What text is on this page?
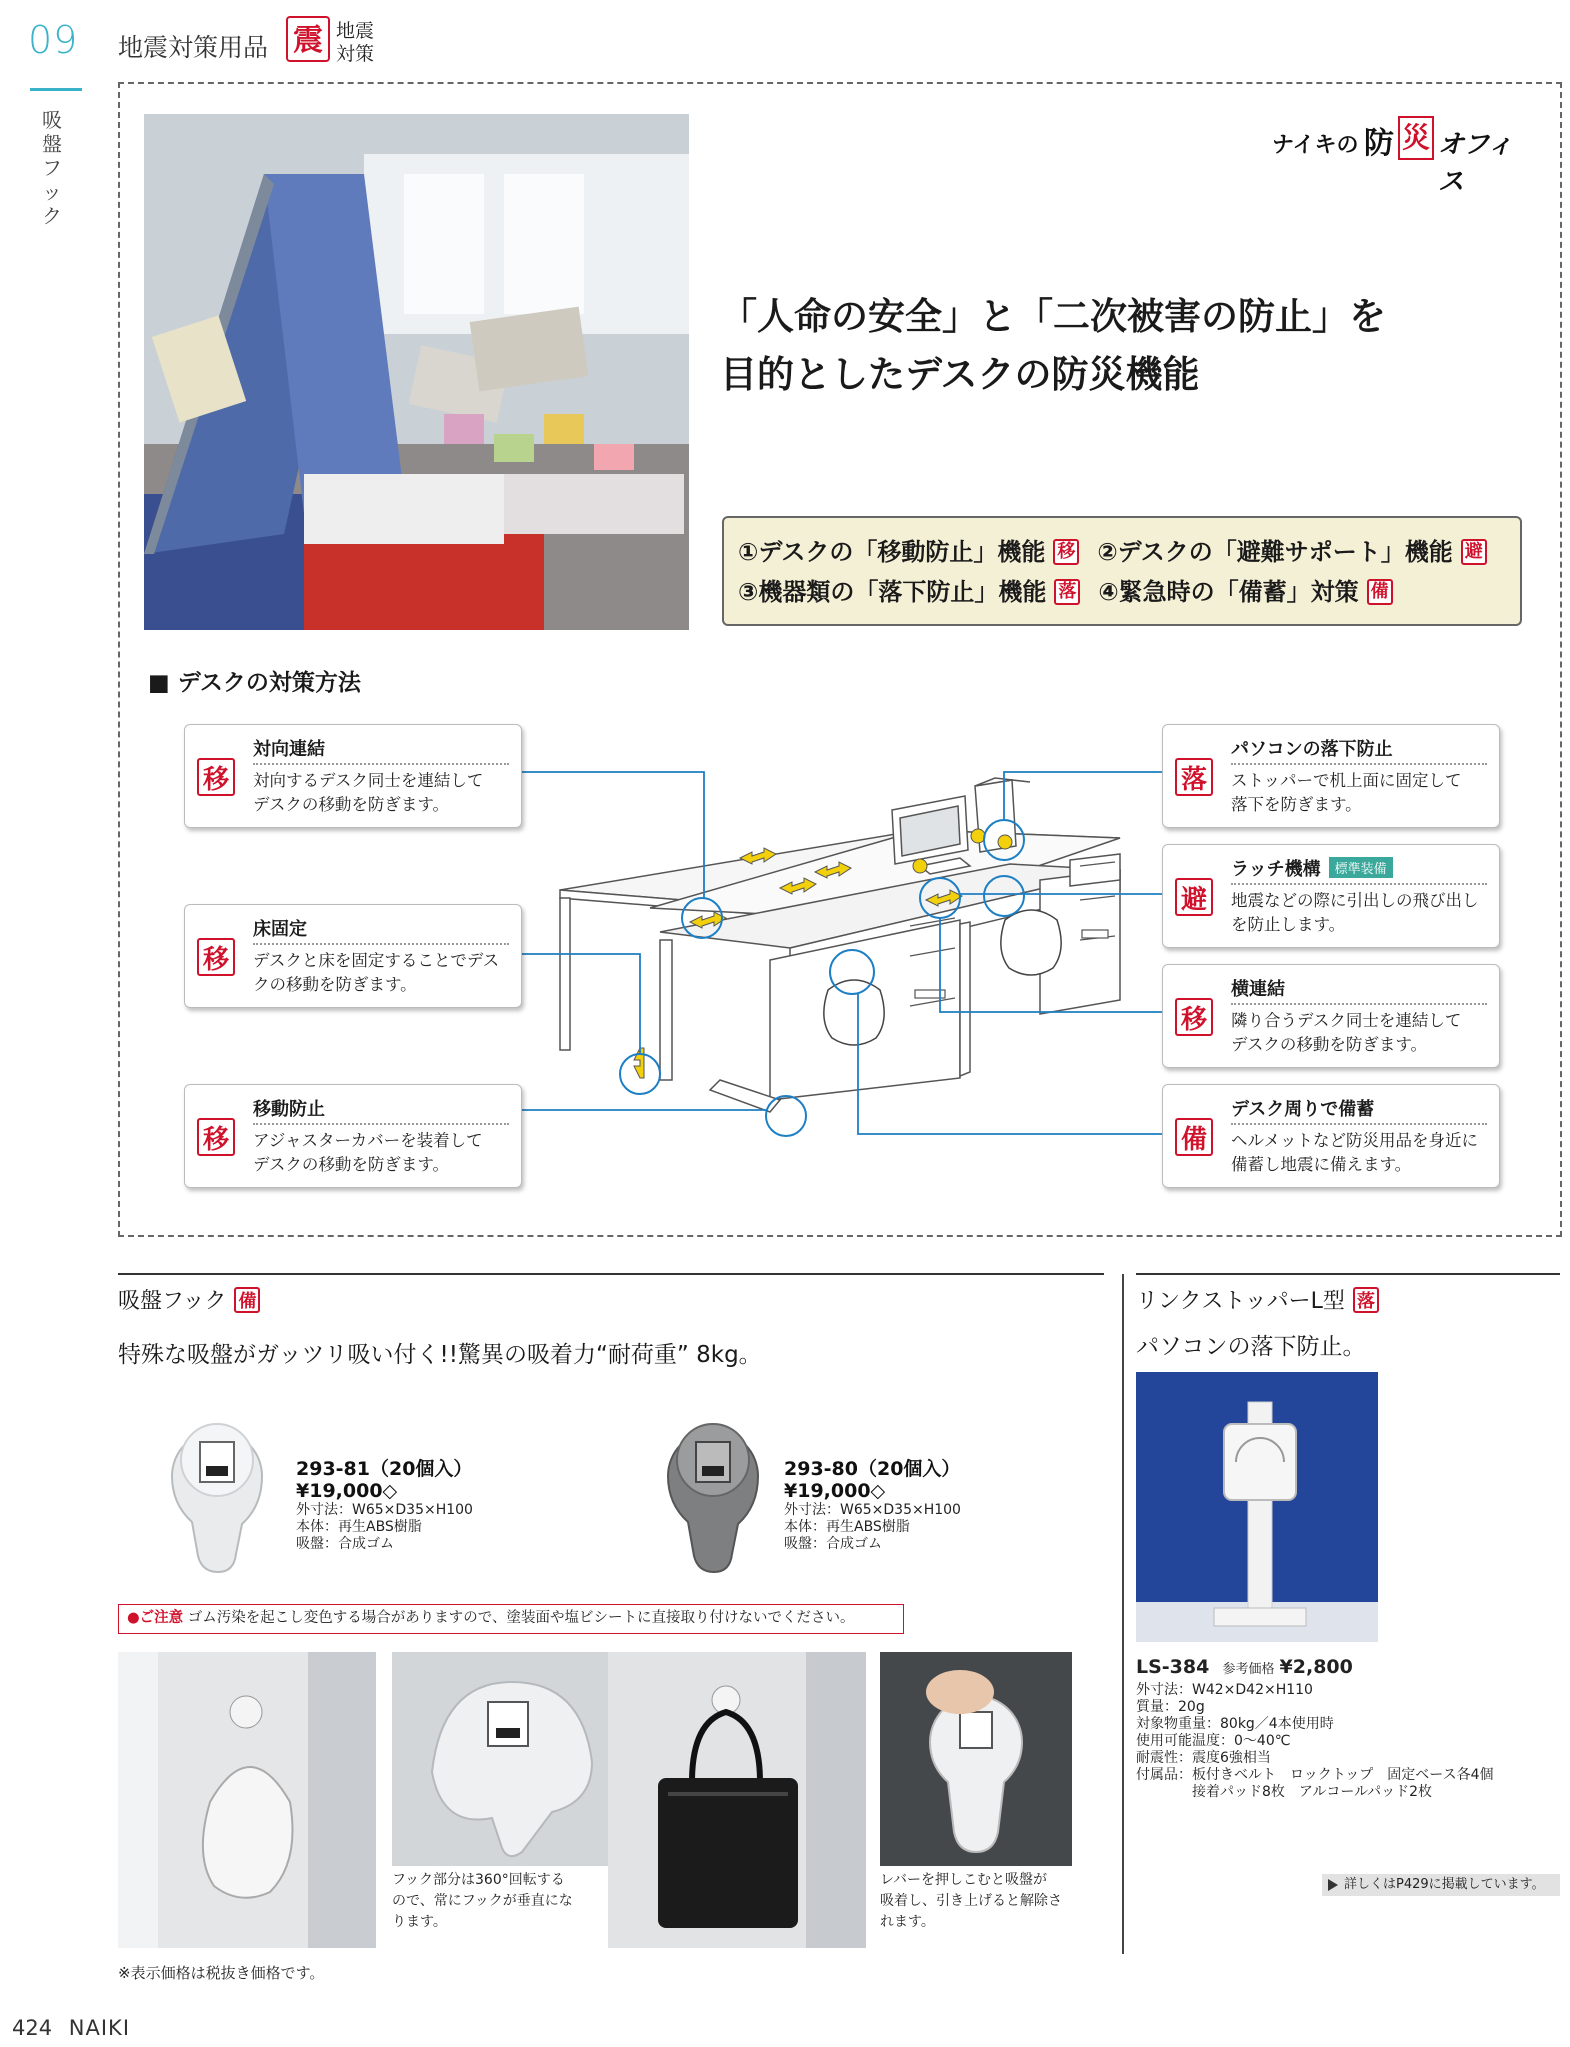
09
吸盤フック
地震対策用品 震 地震対策
ナイキの 防 災 オフィス
「人命の安全」と「二次被害の防止」を
目的としたデスクの防災機能
①デスクの「移動防止」機能 移 ②デスクの「避難サポート」機能 避
③機器類の「落下防止」機能 落 ④緊急時の「備蓄」対策 備
■ デスクの対策方法
移
対向連結
対向するデスク同士を連結して
デスクの移動を防ぎます。
移
床固定
デスクと床を固定することでデス
クの移動を防ぎます。
移
移動防止
アジャスターカバーを装着して
デスクの移動を防ぎます。
落
パソコンの落下防止
ストッパーで机上面に固定して
落下を防ぎます。
避
ラッチ機構 標準装備
地震などの際に引出しの飛び出し
を防止します。
移
横連結
隣り合うデスク同士を連結して
デスクの移動を防ぎます。
備
デスク周りで備蓄
ヘルメットなど防災用品を身近に
備蓄し地震に備えます。
吸盤フック 備
特殊な吸盤がガッツリ吸い付く!!驚異の吸着力“耐荷重” 8kg。
293-81（20個入）
¥19,000◇
外寸法：W65×D35×H100
本体：再生ABS樹脂
吸盤：合成ゴム
293-80（20個入）
¥19,000◇
外寸法：W65×D35×H100
本体：再生ABS樹脂
吸盤：合成ゴム
●ご注意 ゴム汚染を起こし変色する場合がありますので、塗装面や塩ビシートに直接取り付けないでください。
フック部分は360°回転する
ので、常にフックが垂直にな
ります。
レバーを押しこむと吸盤が
吸着し、引き上げると解除さ
れます。
リンクストッパーL型 落
パソコンの落下防止。
LS-384 参考価格 ¥2,800
外寸法：W42×D42×H110
質量：20g
対象物重量：80kg／4本使用時
使用可能温度：0～40℃
耐震性：震度6強相当
付属品：板付きベルト　ロックトップ　固定ベース各4個
　　　　接着パッド8枚　アルコールパッド2枚
詳しくはP429に掲載しています。
※表示価格は税抜き価格です。
424 NAIKI
